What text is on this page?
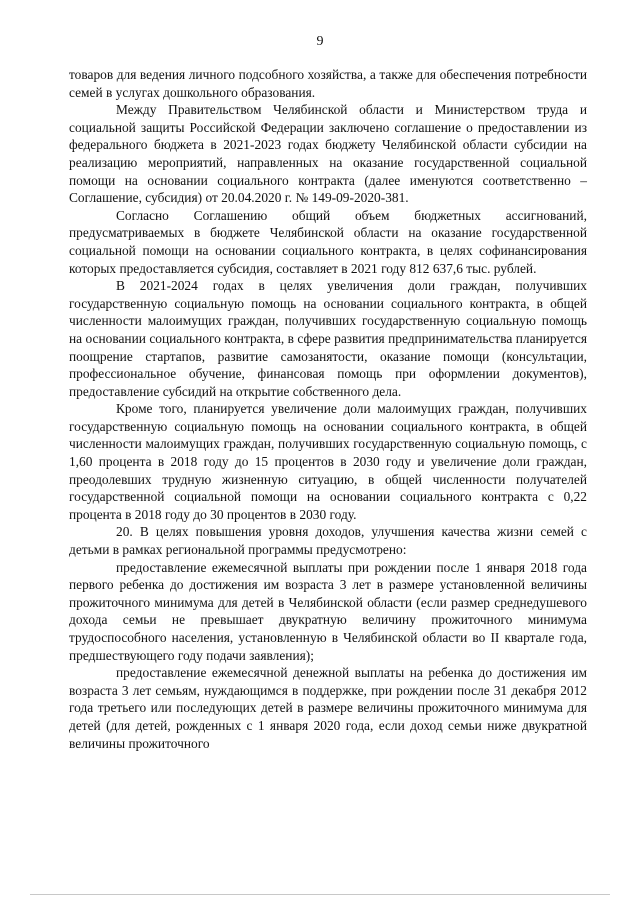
9

товаров для ведения личного подсобного хозяйства, а также для обеспечения потребности семей в услугах дошкольного образования.

Между Правительством Челябинской области и Министерством труда и социальной защиты Российской Федерации заключено соглашение о предоставлении из федерального бюджета в 2021-2023 годах бюджету Челябинской области субсидии на реализацию мероприятий, направленных на оказание государственной социальной помощи на основании социального контракта (далее именуются соответственно – Соглашение, субсидия) от 20.04.2020 г. № 149-09-2020-381.

Согласно Соглашению общий объем бюджетных ассигнований, предусматриваемых в бюджете Челябинской области на оказание государственной социальной помощи на основании социального контракта, в целях софинансирования которых предоставляется субсидия, составляет в 2021 году 812 637,6 тыс. рублей.

В 2021-2024 годах в целях увеличения доли граждан, получивших государственную социальную помощь на основании социального контракта, в общей численности малоимущих граждан, получивших государственную социальную помощь на основании социального контракта, в сфере развития предпринимательства планируется поощрение стартапов, развитие самозанятости, оказание помощи (консультации, профессиональное обучение, финансовая помощь при оформлении документов), предоставление субсидий на открытие собственного дела.

Кроме того, планируется увеличение доли малоимущих граждан, получивших государственную социальную помощь на основании социального контракта, в общей численности малоимущих граждан, получивших государственную социальную помощь, с 1,60 процента в 2018 году до 15 процентов в 2030 году и увеличение доли граждан, преодолевших трудную жизненную ситуацию, в общей численности получателей государственной социальной помощи на основании социального контракта с 0,22 процента в 2018 году до 30 процентов в 2030 году.

20. В целях повышения уровня доходов, улучшения качества жизни семей с детьми в рамках региональной программы предусмотрено:

предоставление ежемесячной выплаты при рождении после 1 января 2018 года первого ребенка до достижения им возраста 3 лет в размере установленной величины прожиточного минимума для детей в Челябинской области (если размер среднедушевого дохода семьи не превышает двукратную величину прожиточного минимума трудоспособного населения, установленную в Челябинской области во II квартале года, предшествующего году подачи заявления);

предоставление ежемесячной денежной выплаты на ребенка до достижения им возраста 3 лет семьям, нуждающимся в поддержке, при рождении после 31 декабря 2012 года третьего или последующих детей в размере величины прожиточного минимума для детей (для детей, рожденных с 1 января 2020 года, если доход семьи ниже двукратной величины прожиточного
